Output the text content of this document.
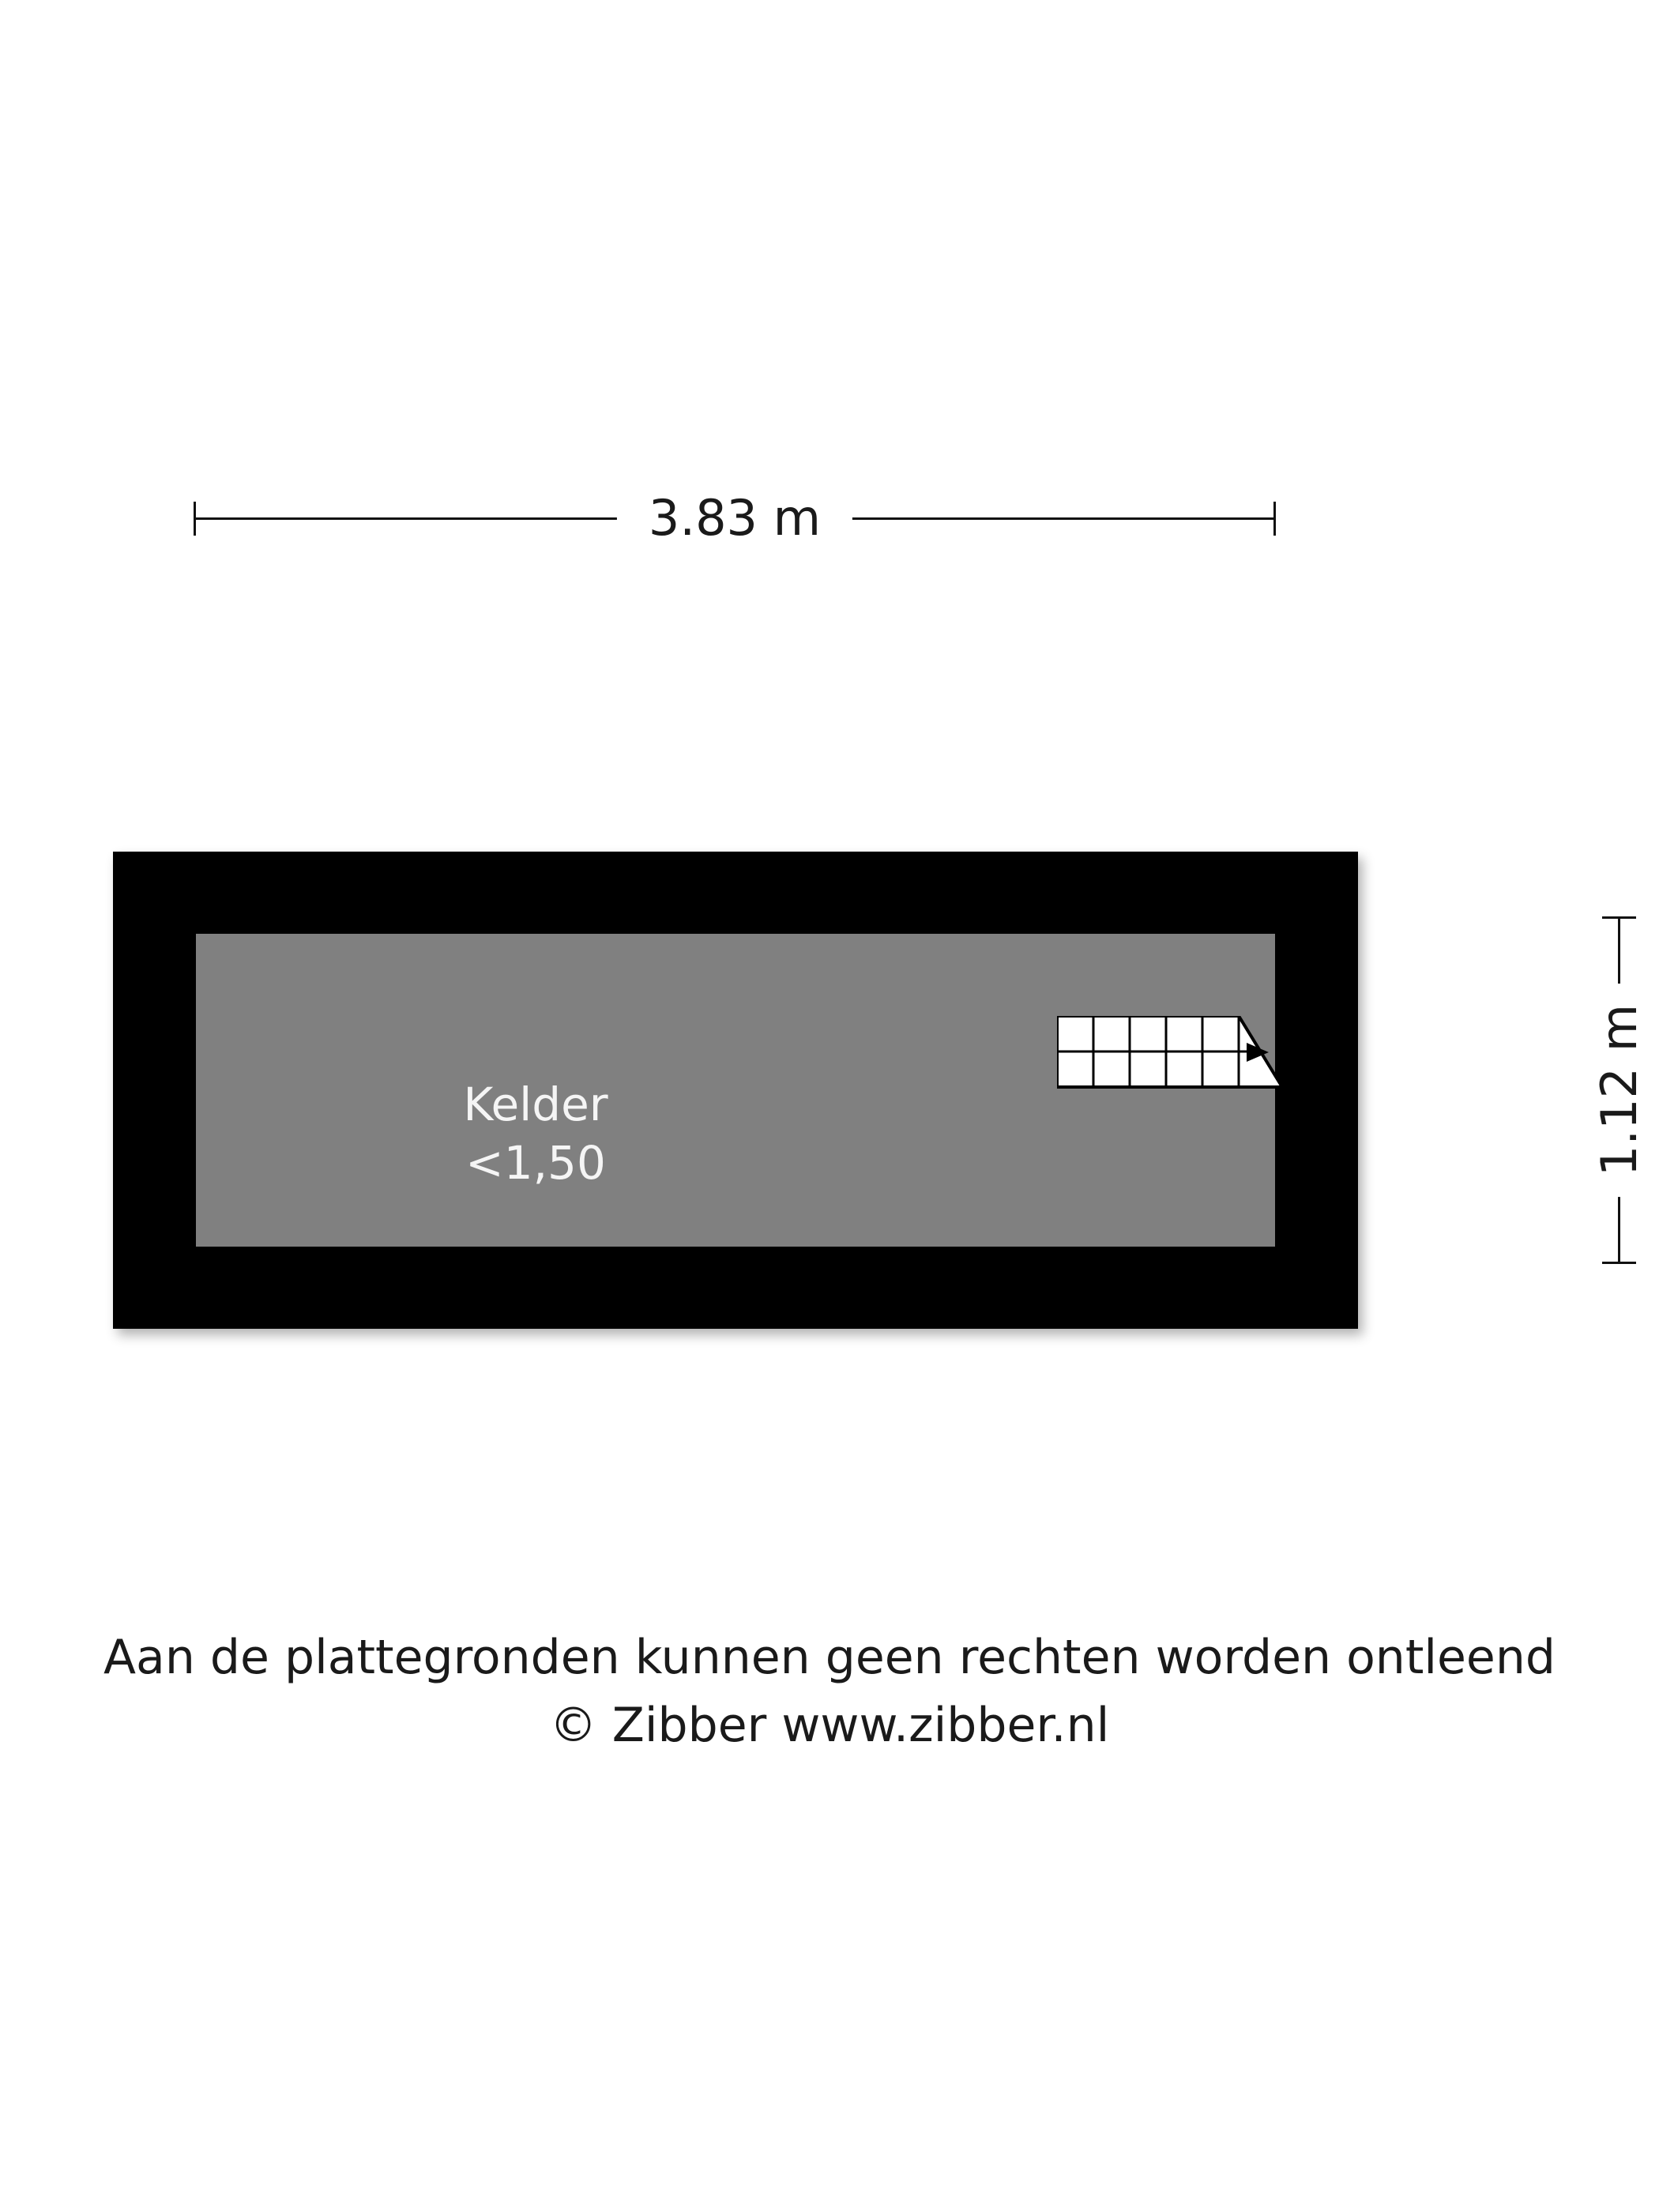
3.83 m
1.12 m
Kelder
<1,50
Aan de plattegronden kunnen geen rechten worden ontleend
© Zibber www.zibber.nl
